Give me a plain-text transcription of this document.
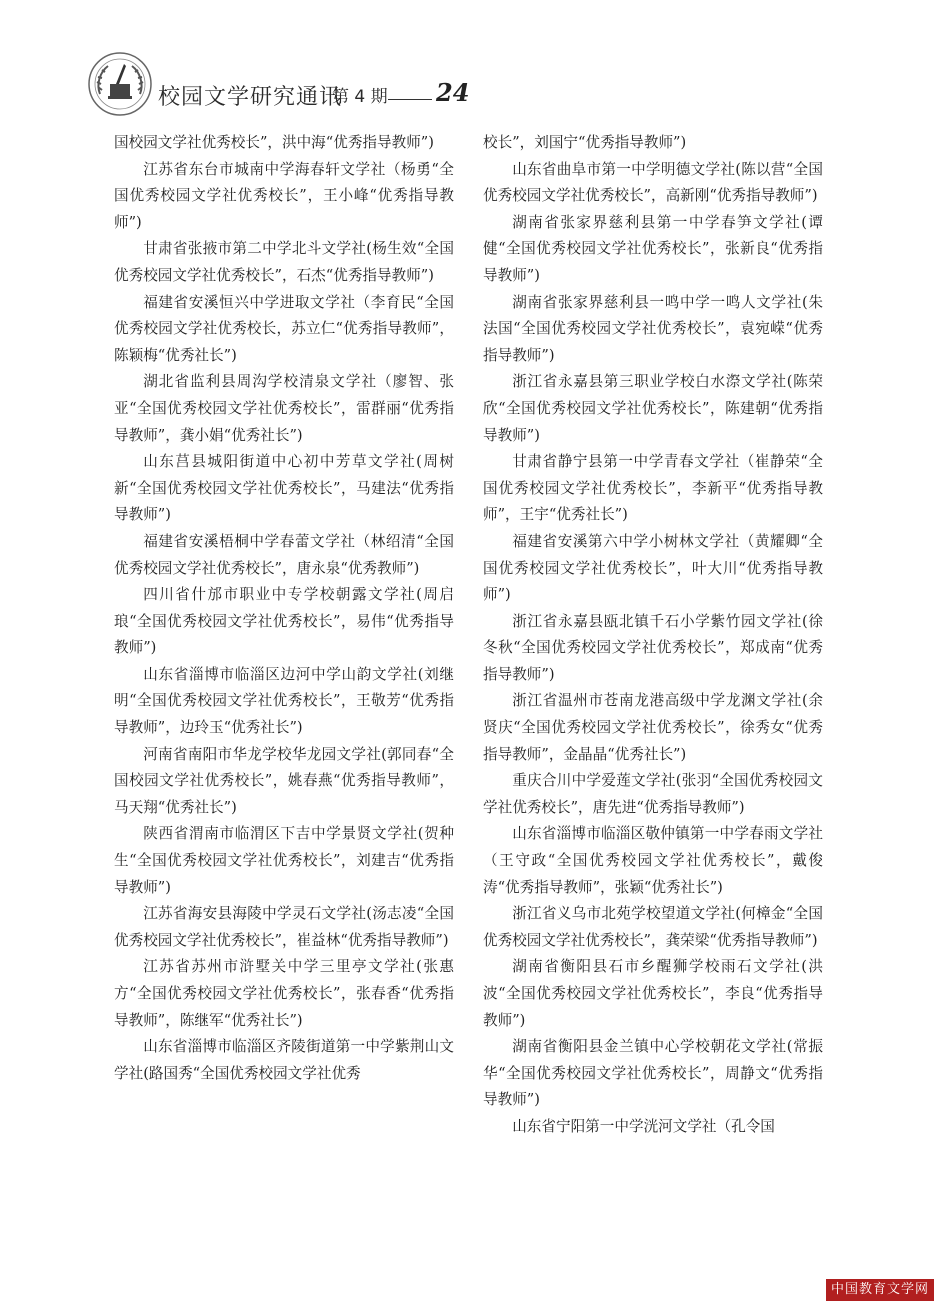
校园文学研究通讯
第 4 期 24

国校园文学社优秀校长”，洪中海“优秀指导教师”)

江苏省东台市城南中学海春轩文学社（杨勇“全国优秀校园文学社优秀校长”，王小峰“优秀指导教师”)

甘肃省张掖市第二中学北斗文学社(杨生效“全国优秀校园文学社优秀校长”，石杰“优秀指导教师”)

福建省安溪恒兴中学进取文学社（李育民“全国优秀校园文学社优秀校长，苏立仁“优秀指导教师”，陈颖梅“优秀社长”)

湖北省监利县周沟学校清泉文学社（廖智、张亚“全国优秀校园文学社优秀校长”，雷群丽“优秀指导教师”，龚小娟“优秀社长”)

山东莒县城阳街道中心初中芳草文学社(周树新“全国优秀校园文学社优秀校长”，马建法“优秀指导教师”)

福建省安溪梧桐中学春蕾文学社（林绍清“全国优秀校园文学社优秀校长”，唐永泉“优秀教师”)

四川省什邡市职业中专学校朝露文学社(周启琅“全国优秀校园文学社优秀校长”，易伟“优秀指导教师”)

山东省淄博市临淄区边河中学山韵文学社(刘继明“全国优秀校园文学社优秀校长”，王敬芳“优秀指导教师”，边玲玉“优秀社长”)

河南省南阳市华龙学校华龙园文学社(郭同春“全国校园文学社优秀校长”，姚春燕“优秀指导教师”，马天翔“优秀社长”)

陕西省渭南市临渭区下吉中学景贤文学社(贺种生“全国优秀校园文学社优秀校长”，刘建吉“优秀指导教师”)

江苏省海安县海陵中学灵石文学社(汤志凌“全国优秀校园文学社优秀校长”，崔益林“优秀指导教师”)

江苏省苏州市浒墅关中学三里亭文学社(张惠方“全国优秀校园文学社优秀校长”，张春香“优秀指导教师”，陈继军“优秀社长”)

山东省淄博市临淄区齐陵街道第一中学紫荆山文学社(路国秀“全国优秀校园文学社优秀

校长”，刘国宁“优秀指导教师”)

山东省曲阜市第一中学明德文学社(陈以营“全国优秀校园文学社优秀校长”，高新刚“优秀指导教师”)

湖南省张家界慈利县第一中学春笋文学社(谭健“全国优秀校园文学社优秀校长”，张新良“优秀指导教师”)

湖南省张家界慈利县一鸣中学一鸣人文学社(朱法国“全国优秀校园文学社优秀校长”，袁宛嵘“优秀指导教师”)

浙江省永嘉县第三职业学校白水漈文学社(陈荣欣“全国优秀校园文学社优秀校长”，陈建朝“优秀指导教师”)

甘肃省静宁县第一中学青春文学社（崔静荣“全国优秀校园文学社优秀校长”，李新平“优秀指导教师”，王宇“优秀社长”)

福建省安溪第六中学小树林文学社（黄耀卿“全国优秀校园文学社优秀校长”，叶大川“优秀指导教师”)

浙江省永嘉县瓯北镇千石小学紫竹园文学社(徐冬秋“全国优秀校园文学社优秀校长”，郑成南“优秀指导教师”)

浙江省温州市苍南龙港高级中学龙渊文学社(余贤庆“全国优秀校园文学社优秀校长”，徐秀女“优秀指导教师”，金晶晶“优秀社长”)

重庆合川中学爱莲文学社(张羽“全国优秀校园文学社优秀校长”，唐先进“优秀指导教师”)

山东省淄博市临淄区敬仲镇第一中学春雨文学社（王守政“全国优秀校园文学社优秀校长”，戴俊涛“优秀指导教师”，张颖“优秀社长”)

浙江省义乌市北苑学校望道文学社(何樟金“全国优秀校园文学社优秀校长”，龚荣梁“优秀指导教师”)

湖南省衡阳县石市乡醒狮学校雨石文学社(洪波“全国优秀校园文学社优秀校长”，李良“优秀指导教师”)

湖南省衡阳县金兰镇中心学校朝花文学社(常振华“全国优秀校园文学社优秀校长”，周静文“优秀指导教师”)

山东省宁阳第一中学洸河文学社（孔令国

中国教育文学网
